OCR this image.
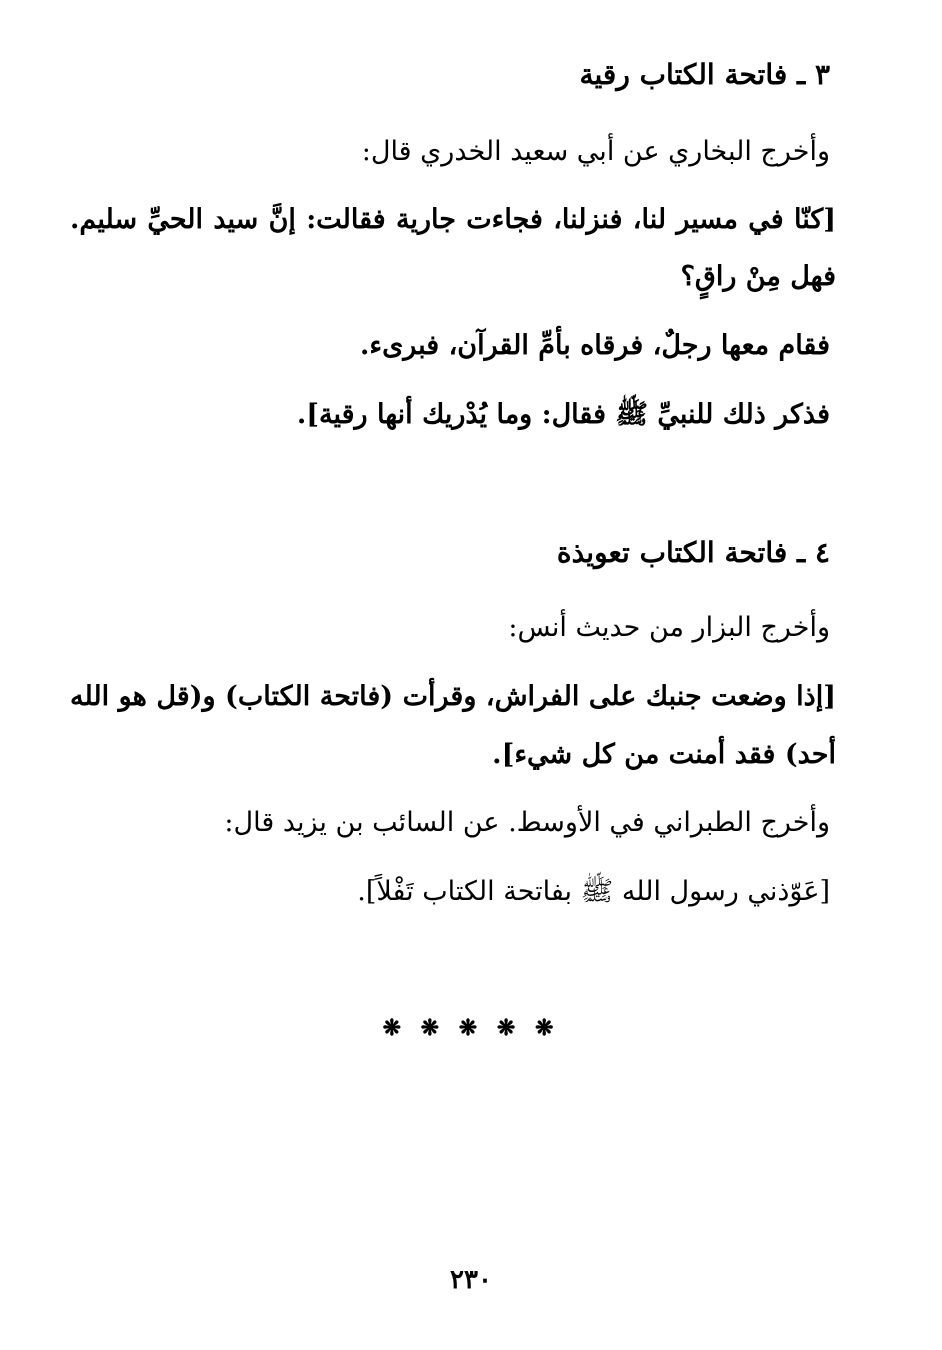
٣ ـ فاتحة الكتاب رقية
وأخرج البخاري عن أبي سعيد الخدري قال:
[كنّا في مسير لنا، فنزلنا، فجاءت جارية فقالت: إنَّ سيد الحيِّ سليم.
فهل مِنْ راقٍ؟
فقام معها رجلٌ، فرقاه بأمِّ القرآن، فبرىء.
فذكر ذلك للنبيِّ ﷺ فقال: وما يُدْريك أنها رقية].
٤ ـ فاتحة الكتاب تعويذة
وأخرج البزار من حديث أنس:
[إذا وضعت جنبك على الفراش، وقرأت (فاتحة الكتاب) و(قل هو الله
أحد) فقد أمنت من كل شيء].
وأخرج الطبراني في الأوسط. عن السائب بن يزيد قال:
[عَوّذني رسول الله ﷺ بفاتحة الكتاب تَفْلاً].
❋ ❋ ❋ ❋ ❋
٢٣٠
